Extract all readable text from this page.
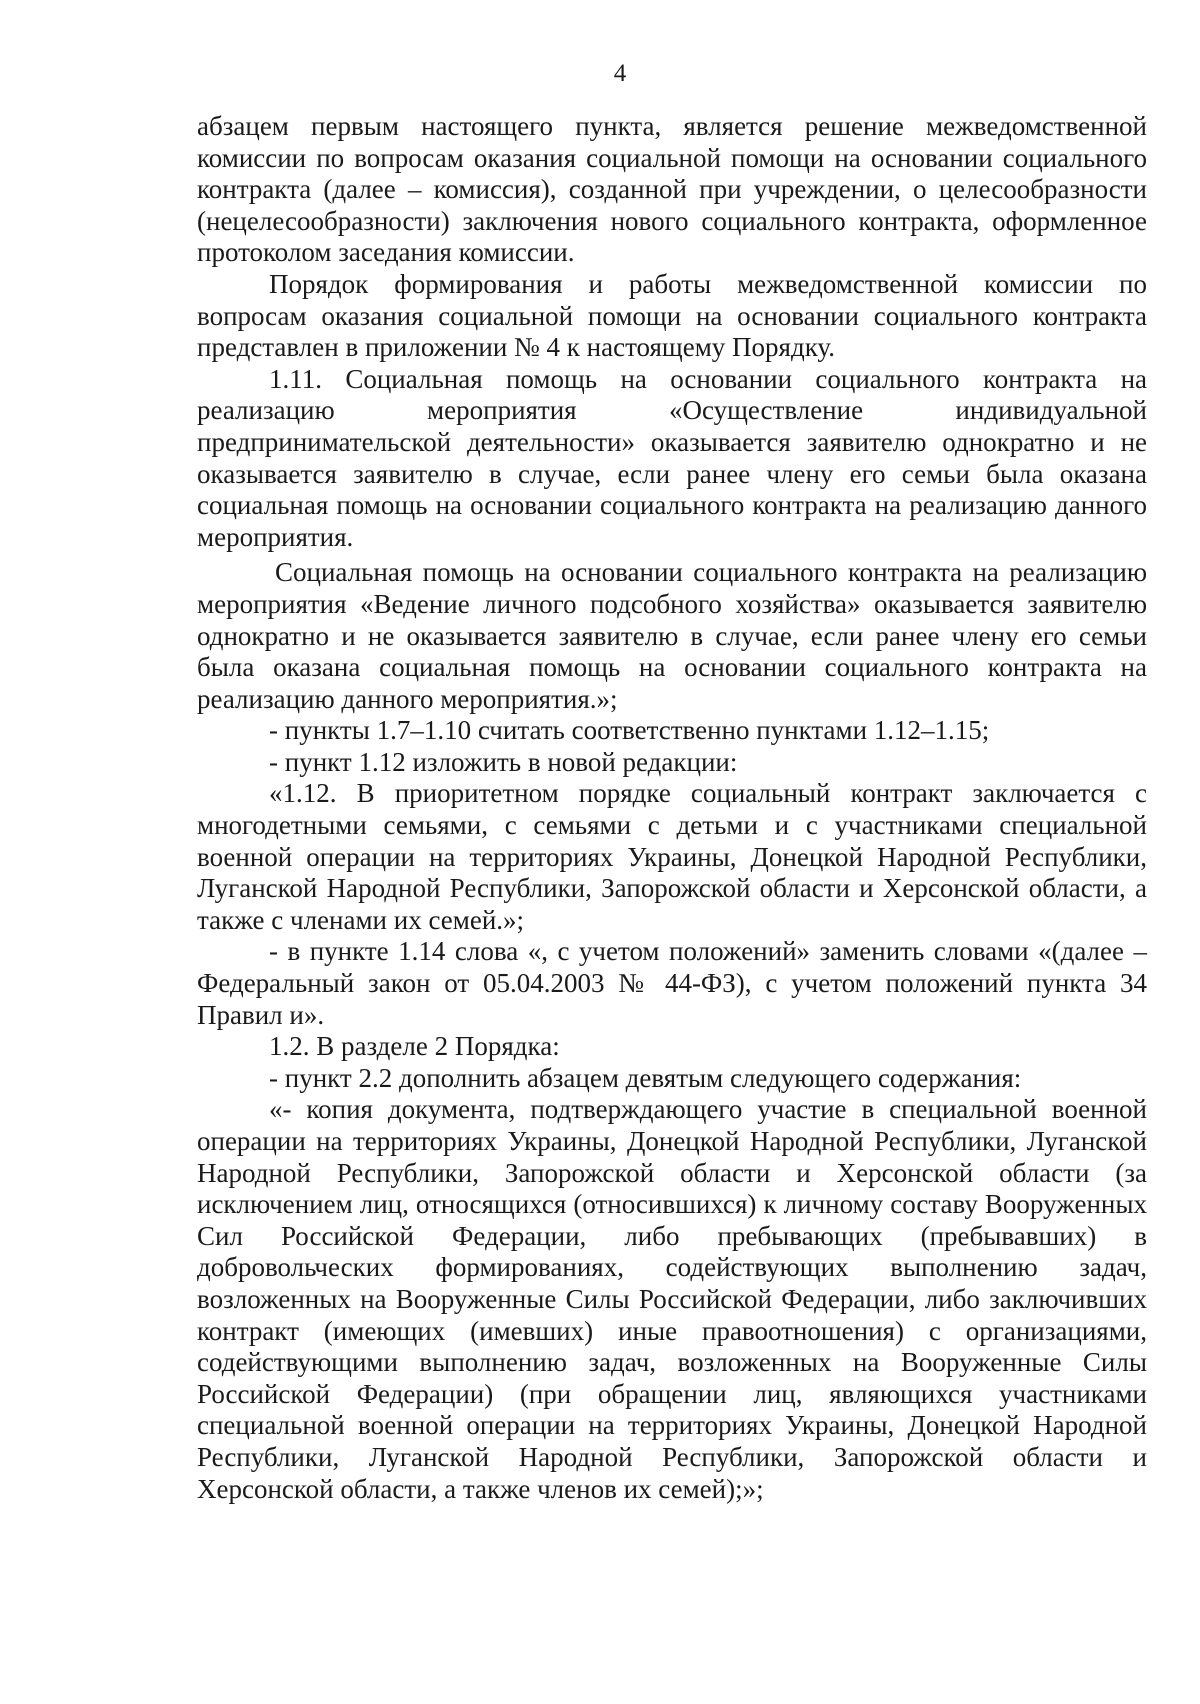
4

абзацем первым настоящего пункта, является решение межведомственной комиссии по вопросам оказания социальной помощи на основании социального контракта (далее – комиссия), созданной при учреждении, о целесообразности (нецелесообразности) заключения нового социального контракта, оформленное протоколом заседания комиссии.

Порядок формирования и работы межведомственной комиссии по вопросам оказания социальной помощи на основании социального контракта представлен в приложении № 4 к настоящему Порядку.

1.11. Социальная помощь на основании социального контракта на реализацию мероприятия «Осуществление индивидуальной предпринимательской деятельности» оказывается заявителю однократно и не оказывается заявителю в случае, если ранее члену его семьи была оказана социальная помощь на основании социального контракта на реализацию данного мероприятия.

Социальная помощь на основании социального контракта на реализацию мероприятия «Ведение личного подсобного хозяйства» оказывается заявителю однократно и не оказывается заявителю в случае, если ранее члену его семьи была оказана социальная помощь на основании социального контракта на реализацию данного мероприятия.»;

- пункты 1.7–1.10 считать соответственно пунктами 1.12–1.15;

- пункт 1.12 изложить в новой редакции:

«1.12. В приоритетном порядке социальный контракт заключается с многодетными семьями, с семьями с детьми и с участниками специальной военной операции на территориях Украины, Донецкой Народной Республики, Луганской Народной Республики, Запорожской области и Херсонской области, а также с членами их семей.»;

- в пункте 1.14 слова «, с учетом положений» заменить словами «(далее – Федеральный закон от 05.04.2003 № 44-ФЗ), с учетом положений пункта 34 Правил и».

1.2. В разделе 2 Порядка:

- пункт 2.2 дополнить абзацем девятым следующего содержания:

«- копия документа, подтверждающего участие в специальной военной операции на территориях Украины, Донецкой Народной Республики, Луганской Народной Республики, Запорожской области и Херсонской области (за исключением лиц, относящихся (относившихся) к личному составу Вооруженных Сил Российской Федерации, либо пребывающих (пребывавших) в добровольческих формированиях, содействующих выполнению задач, возложенных на Вооруженные Силы Российской Федерации, либо заключивших контракт (имеющих (имевших) иные правоотношения) с организациями, содействующими выполнению задач, возложенных на Вооруженные Силы Российской Федерации) (при обращении лиц, являющихся участниками специальной военной операции на территориях Украины, Донецкой Народной Республики, Луганской Народной Республики, Запорожской области и Херсонской области, а также членов их семей);»;
